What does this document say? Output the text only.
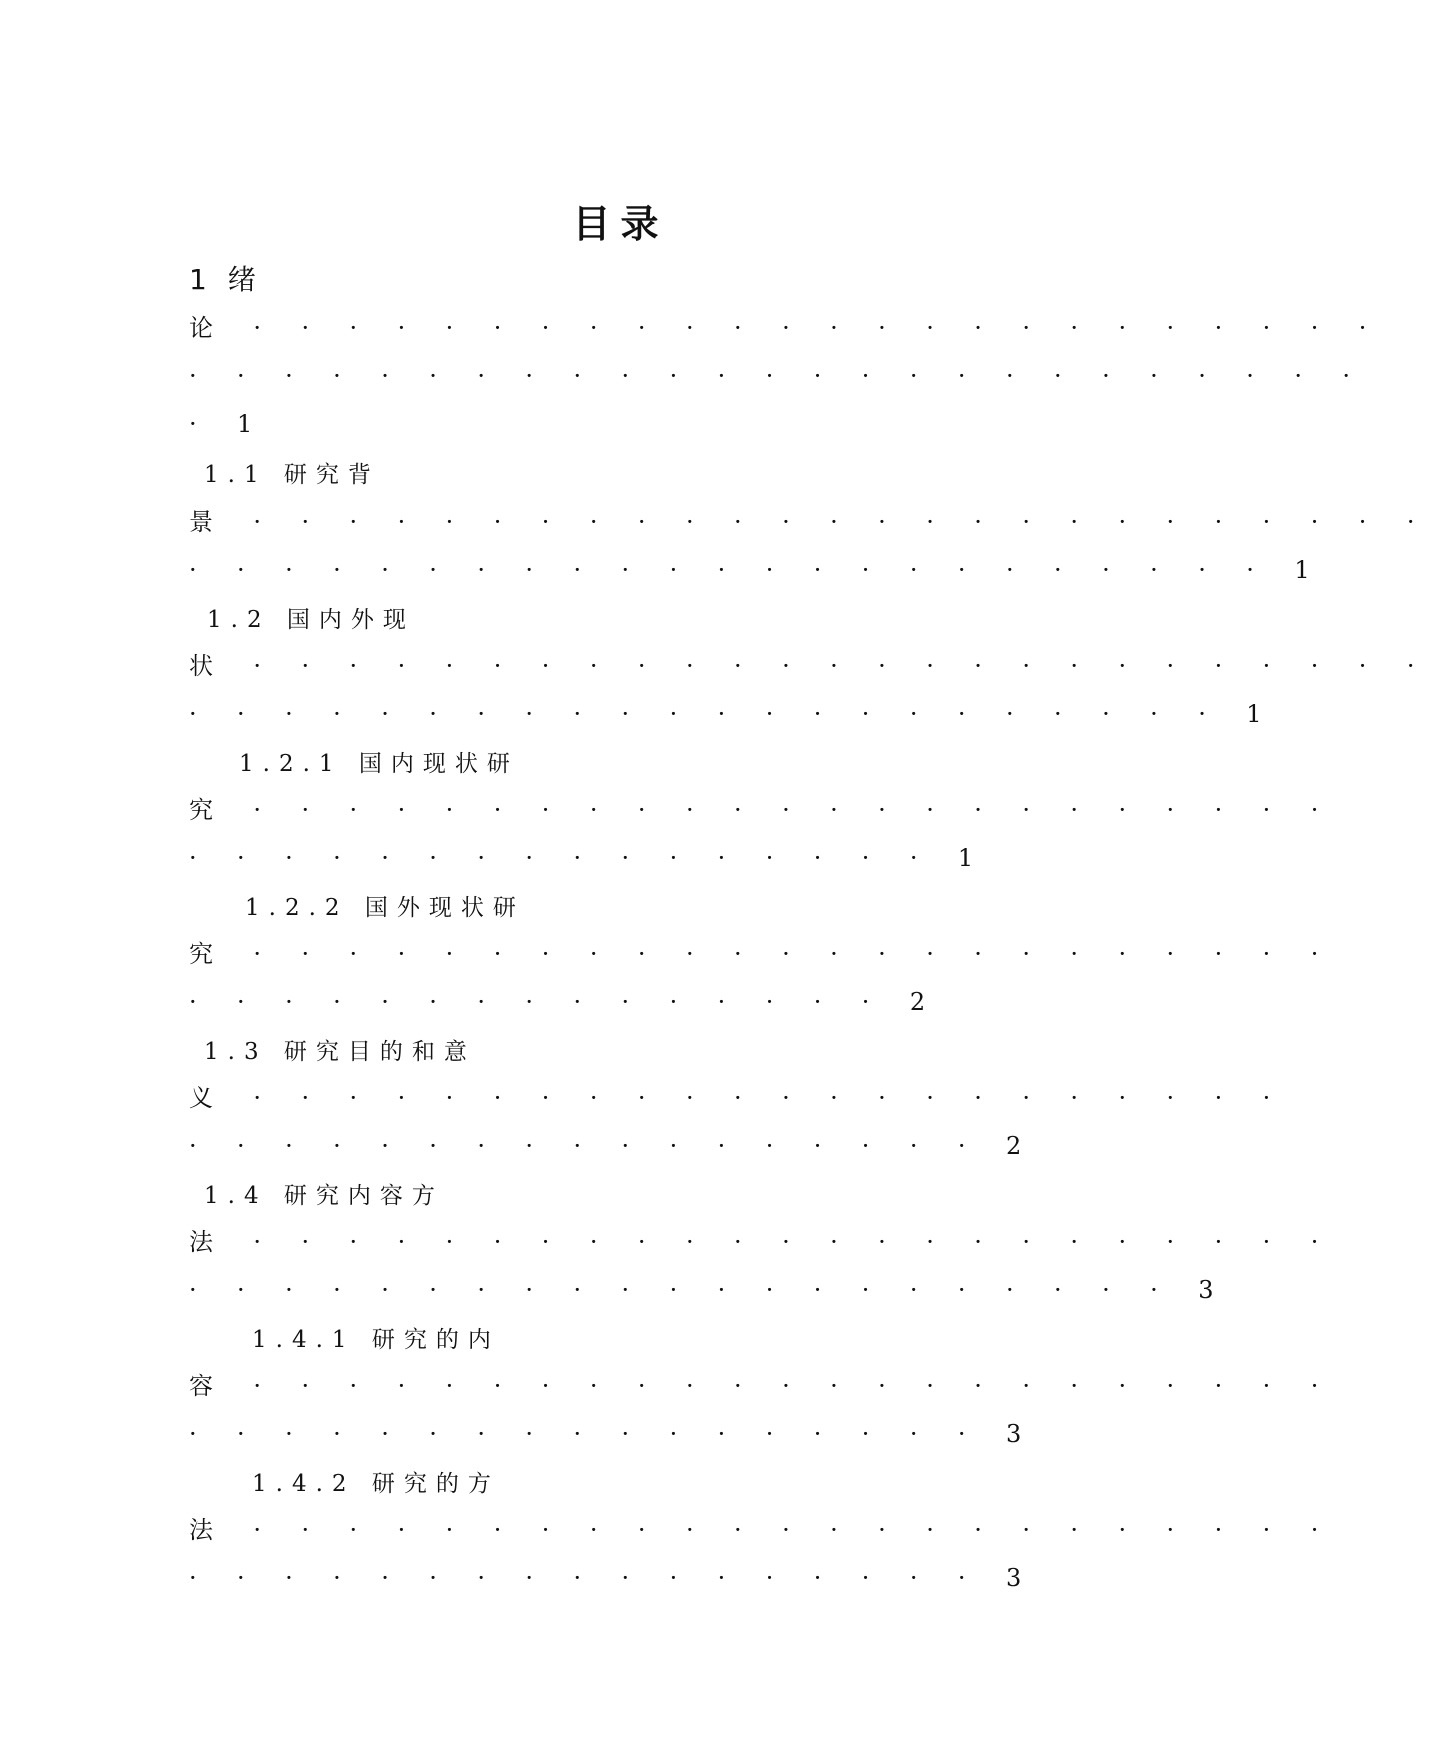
目录
1 绪
论 · · · · · · · · · · · · · · · · · · · · · · · ·
· · · · · · · · · · · · · · · · · · · · · · · · ·
· 1
1.1 研究背
景 · · · · · · · · · · · · · · · · · · · · · · · · ·
· · · · · · · · · · · · · · · · · · · · · · · 1
1.2 国内外现
状 · · · · · · · · · · · · · · · · · · · · · · · · ·
· · · · · · · · · · · · · · · · · · · · · · 1
1.2.1 国内现状研
究 · · · · · · · · · · · · · · · · · · · · · · ·
· · · · · · · · · · · · · · · · 1
1.2.2 国外现状研
究 · · · · · · · · · · · · · · · · · · · · · · ·
· · · · · · · · · · · · · · · 2
1.3 研究目的和意
义 · · · · · · · · · · · · · · · · · · · · · ·
· · · · · · · · · · · · · · · · · 2
1.4 研究内容方
法 · · · · · · · · · · · · · · · · · · · · · · ·
· · · · · · · · · · · · · · · · · · · · · 3
1.4.1 研究的内
容 · · · · · · · · · · · · · · · · · · · · · · ·
· · · · · · · · · · · · · · · · · 3
1.4.2 研究的方
法 · · · · · · · · · · · · · · · · · · · · · · ·
· · · · · · · · · · · · · · · · · 3
